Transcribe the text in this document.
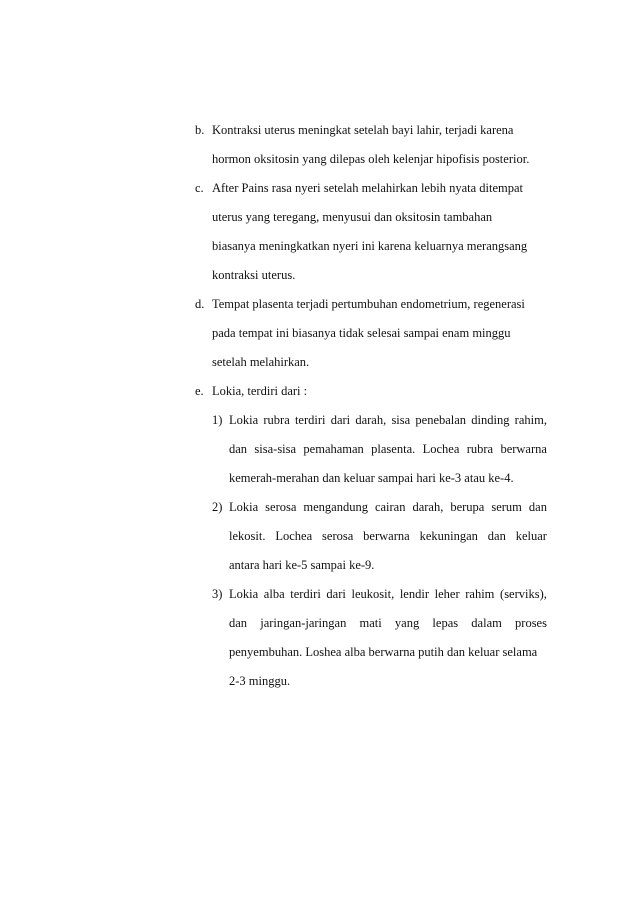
b. Kontraksi uterus meningkat setelah bayi lahir, terjadi karena
hormon oksitosin yang dilepas oleh kelenjar hipofisis posterior.
c. After Pains rasa nyeri setelah melahirkan lebih nyata ditempat
uterus yang teregang, menyusui dan oksitosin tambahan
biasanya meningkatkan nyeri ini karena keluarnya merangsang
kontraksi uterus.
d. Tempat plasenta terjadi pertumbuhan endometrium, regenerasi
pada tempat ini biasanya tidak selesai sampai enam minggu
setelah melahirkan.
e. Lokia, terdiri dari :
1) Lokia rubra terdiri dari darah, sisa penebalan dinding rahim,
dan sisa-sisa pemahaman plasenta. Lochea rubra berwarna
kemerah-merahan dan keluar sampai hari ke-3 atau ke-4.
2) Lokia serosa mengandung cairan darah, berupa serum dan
lekosit. Lochea serosa berwarna kekuningan dan keluar
antara hari ke-5 sampai ke-9.
3) Lokia alba terdiri dari leukosit, lendir leher rahim (serviks),
dan jaringan-jaringan mati yang lepas dalam proses
penyembuhan. Loshea alba berwarna putih dan keluar selama
2-3 minggu.
